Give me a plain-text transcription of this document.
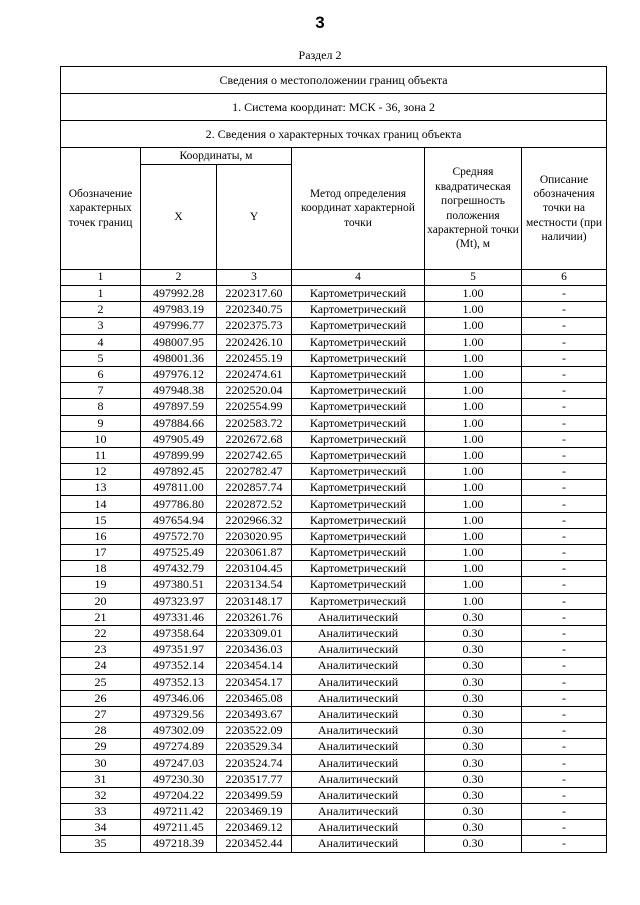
3
Раздел 2
Сведения о местоположении границ объекта					
1. Система координат: МСК - 36, зона 2					
2. Сведения о характерных точках границ объекта					
Обозначение характерных точек границ	Координаты, м		Метод определения координат характерной точки	Средняя квадратическая погрешность положения характерной точки (Mt), м	Описание обозначения точки на местности (при наличии)
	X	Y			
1	2	3	4	5	6
1	497992.28	2202317.60	Картометрический	1.00	-
2	497983.19	2202340.75	Картометрический	1.00	-
3	497996.77	2202375.73	Картометрический	1.00	-
4	498007.95	2202426.10	Картометрический	1.00	-
5	498001.36	2202455.19	Картометрический	1.00	-
6	497976.12	2202474.61	Картометрический	1.00	-
7	497948.38	2202520.04	Картометрический	1.00	-
8	497897.59	2202554.99	Картометрический	1.00	-
9	497884.66	2202583.72	Картометрический	1.00	-
10	497905.49	2202672.68	Картометрический	1.00	-
11	497899.99	2202742.65	Картометрический	1.00	-
12	497892.45	2202782.47	Картометрический	1.00	-
13	497811.00	2202857.74	Картометрический	1.00	-
14	497786.80	2202872.52	Картометрический	1.00	-
15	497654.94	2202966.32	Картометрический	1.00	-
16	497572.70	2203020.95	Картометрический	1.00	-
17	497525.49	2203061.87	Картометрический	1.00	-
18	497432.79	2203104.45	Картометрический	1.00	-
19	497380.51	2203134.54	Картометрический	1.00	-
20	497323.97	2203148.17	Картометрический	1.00	-
21	497331.46	2203261.76	Аналитический	0.30	-
22	497358.64	2203309.01	Аналитический	0.30	-
23	497351.97	2203436.03	Аналитический	0.30	-
24	497352.14	2203454.14	Аналитический	0.30	-
25	497352.13	2203454.17	Аналитический	0.30	-
26	497346.06	2203465.08	Аналитический	0.30	-
27	497329.56	2203493.67	Аналитический	0.30	-
28	497302.09	2203522.09	Аналитический	0.30	-
29	497274.89	2203529.34	Аналитический	0.30	-
30	497247.03	2203524.74	Аналитический	0.30	-
31	497230.30	2203517.77	Аналитический	0.30	-
32	497204.22	2203499.59	Аналитический	0.30	-
33	497211.42	2203469.19	Аналитический	0.30	-
34	497211.45	2203469.12	Аналитический	0.30	-
35	497218.39	2203452.44	Аналитический	0.30	-
